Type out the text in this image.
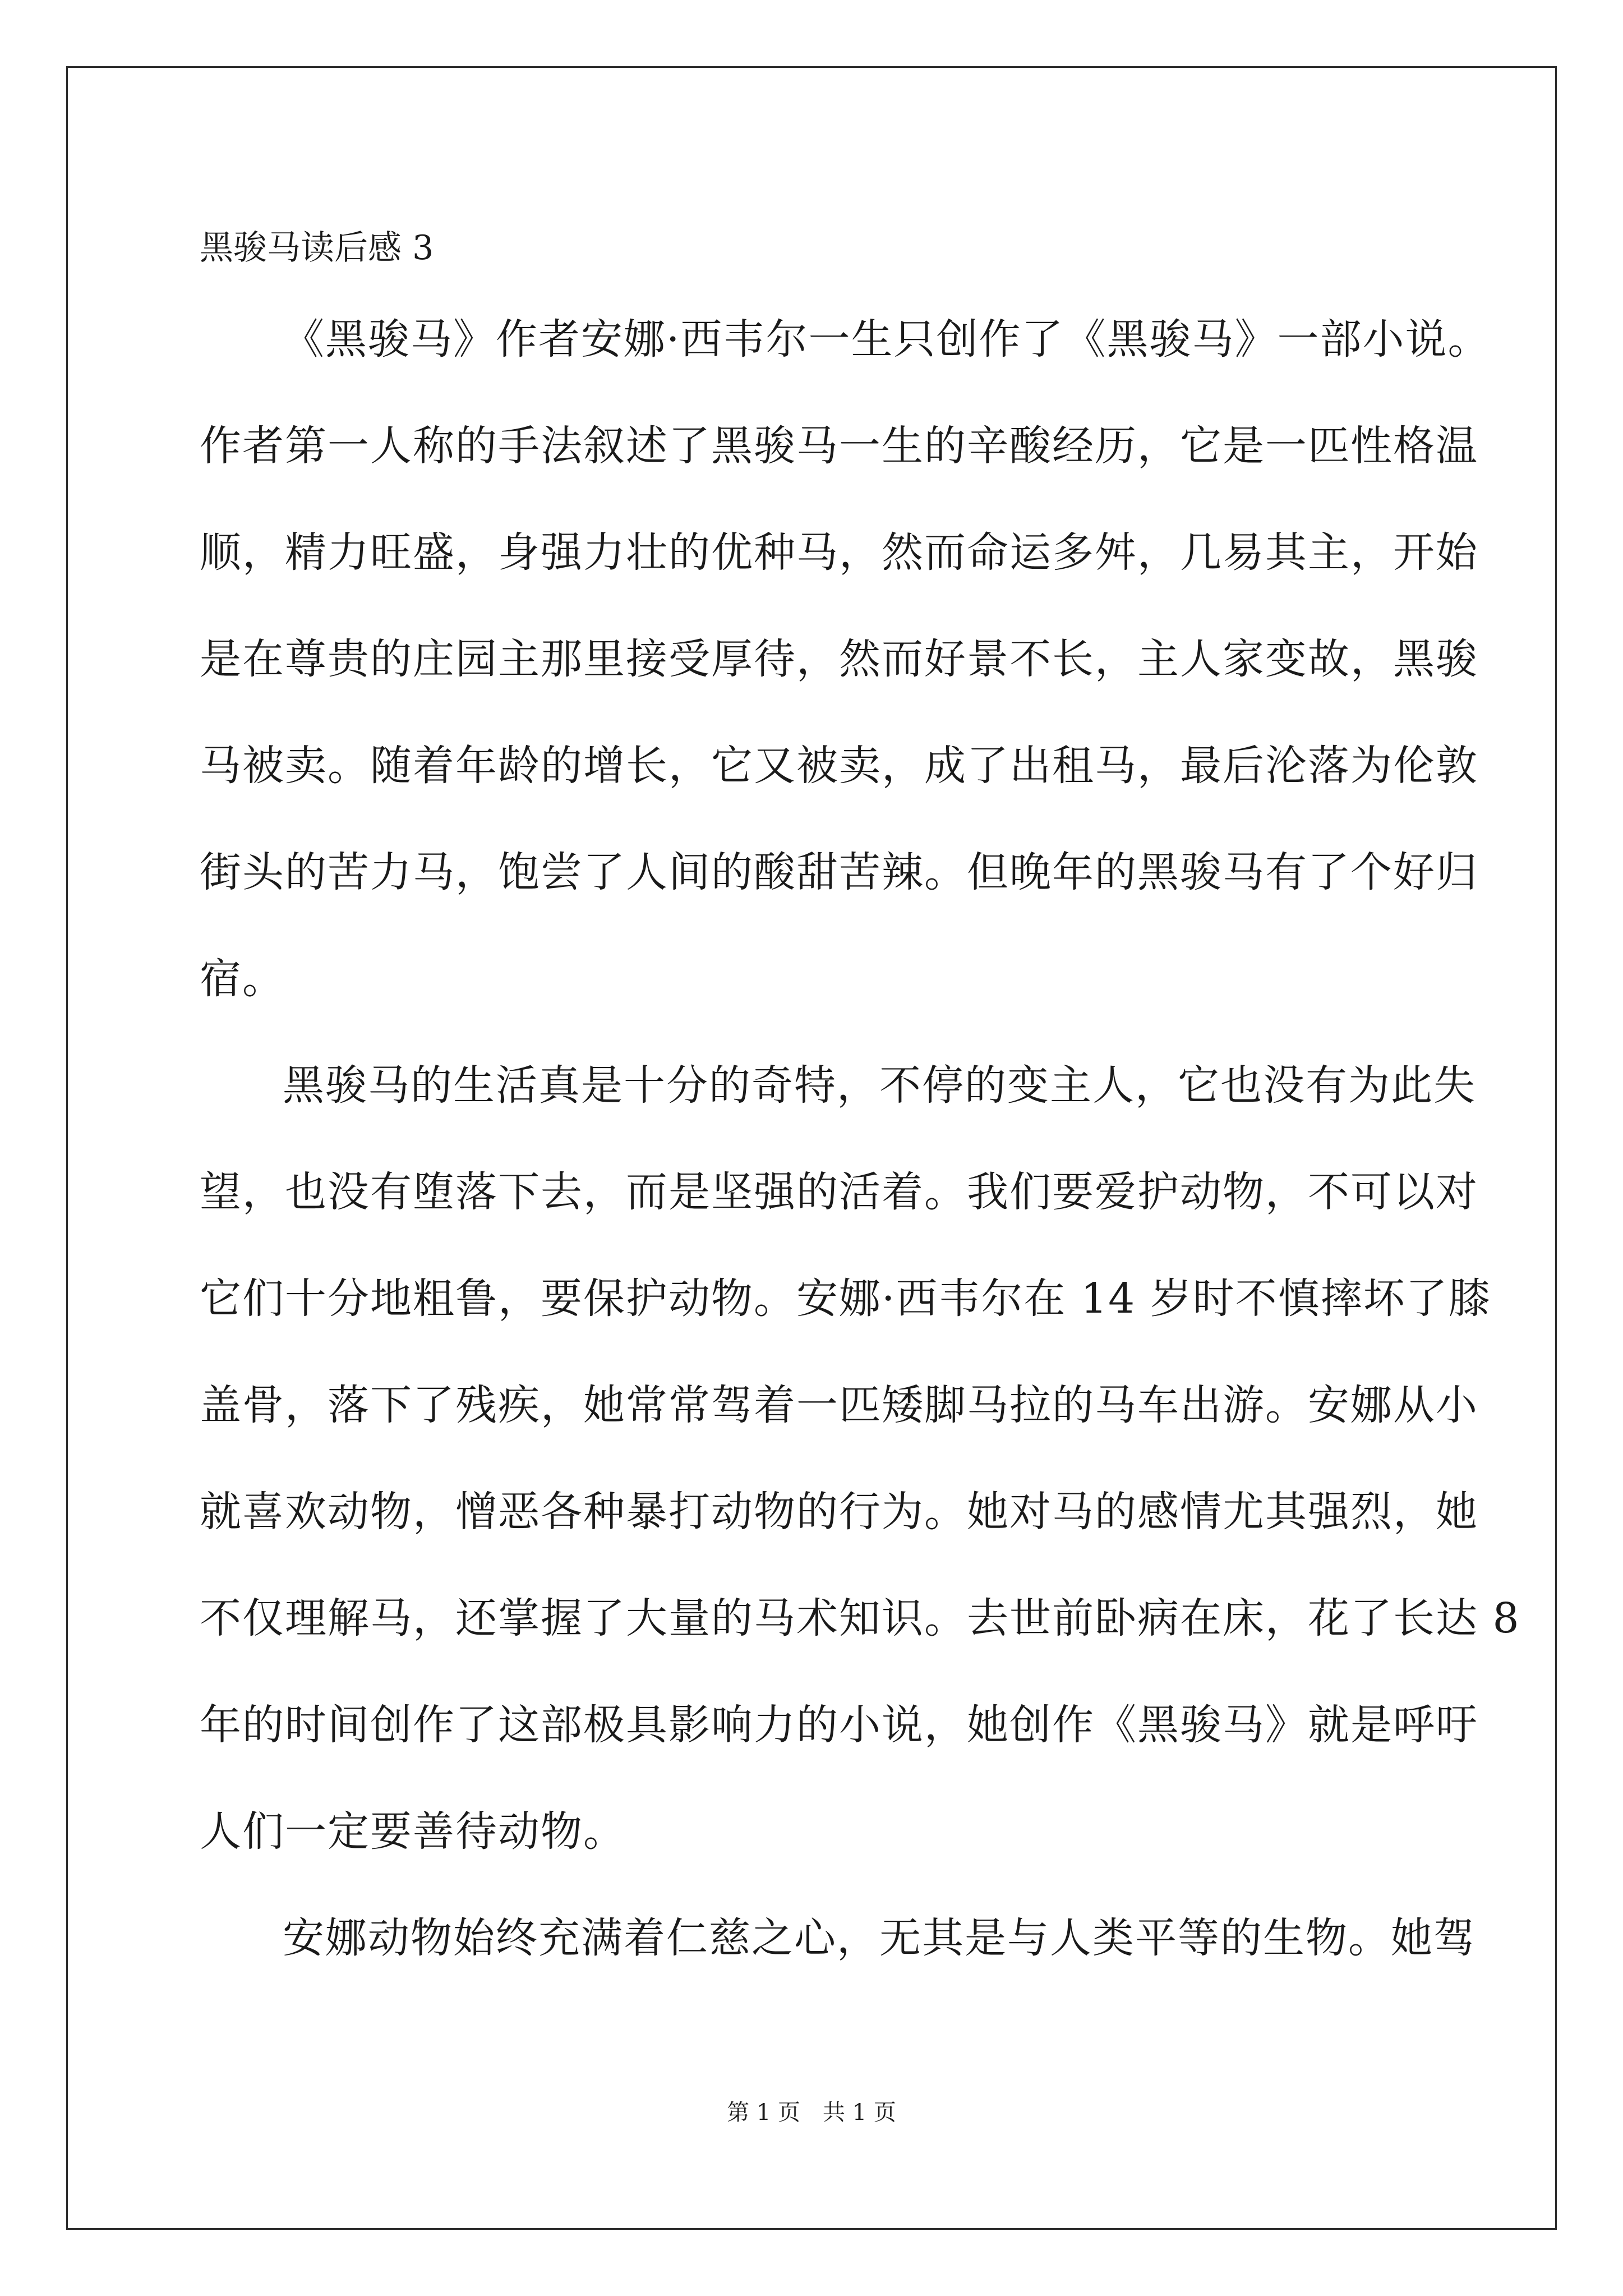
黑骏马读后感 3
《黑骏马》作者安娜·西韦尔一生只创作了《黑骏马》一部小说。
作者第一人称的手法叙述了黑骏马一生的辛酸经历，它是一匹性格温
顺，精力旺盛，身强力壮的优种马，然而命运多舛，几易其主，开始
是在尊贵的庄园主那里接受厚待，然而好景不长，主人家变故，黑骏
马被卖。随着年龄的增长，它又被卖，成了出租马，最后沦落为伦敦
街头的苦力马，饱尝了人间的酸甜苦辣。但晚年的黑骏马有了个好归
宿。
黑骏马的生活真是十分的奇特，不停的变主人，它也没有为此失
望，也没有堕落下去，而是坚强的活着。我们要爱护动物，不可以对
它们十分地粗鲁，要保护动物。安娜·西韦尔在 14 岁时不慎摔坏了膝
盖骨，落下了残疾，她常常驾着一匹矮脚马拉的马车出游。安娜从小
就喜欢动物，憎恶各种暴打动物的行为。她对马的感情尤其强烈，她
不仅理解马，还掌握了大量的马术知识。去世前卧病在床，花了长达 8
年的时间创作了这部极具影响力的小说，她创作《黑骏马》就是呼吁
人们一定要善待动物。
安娜动物始终充满着仁慈之心，无其是与人类平等的生物。她驾
第 1 页 共 1 页
